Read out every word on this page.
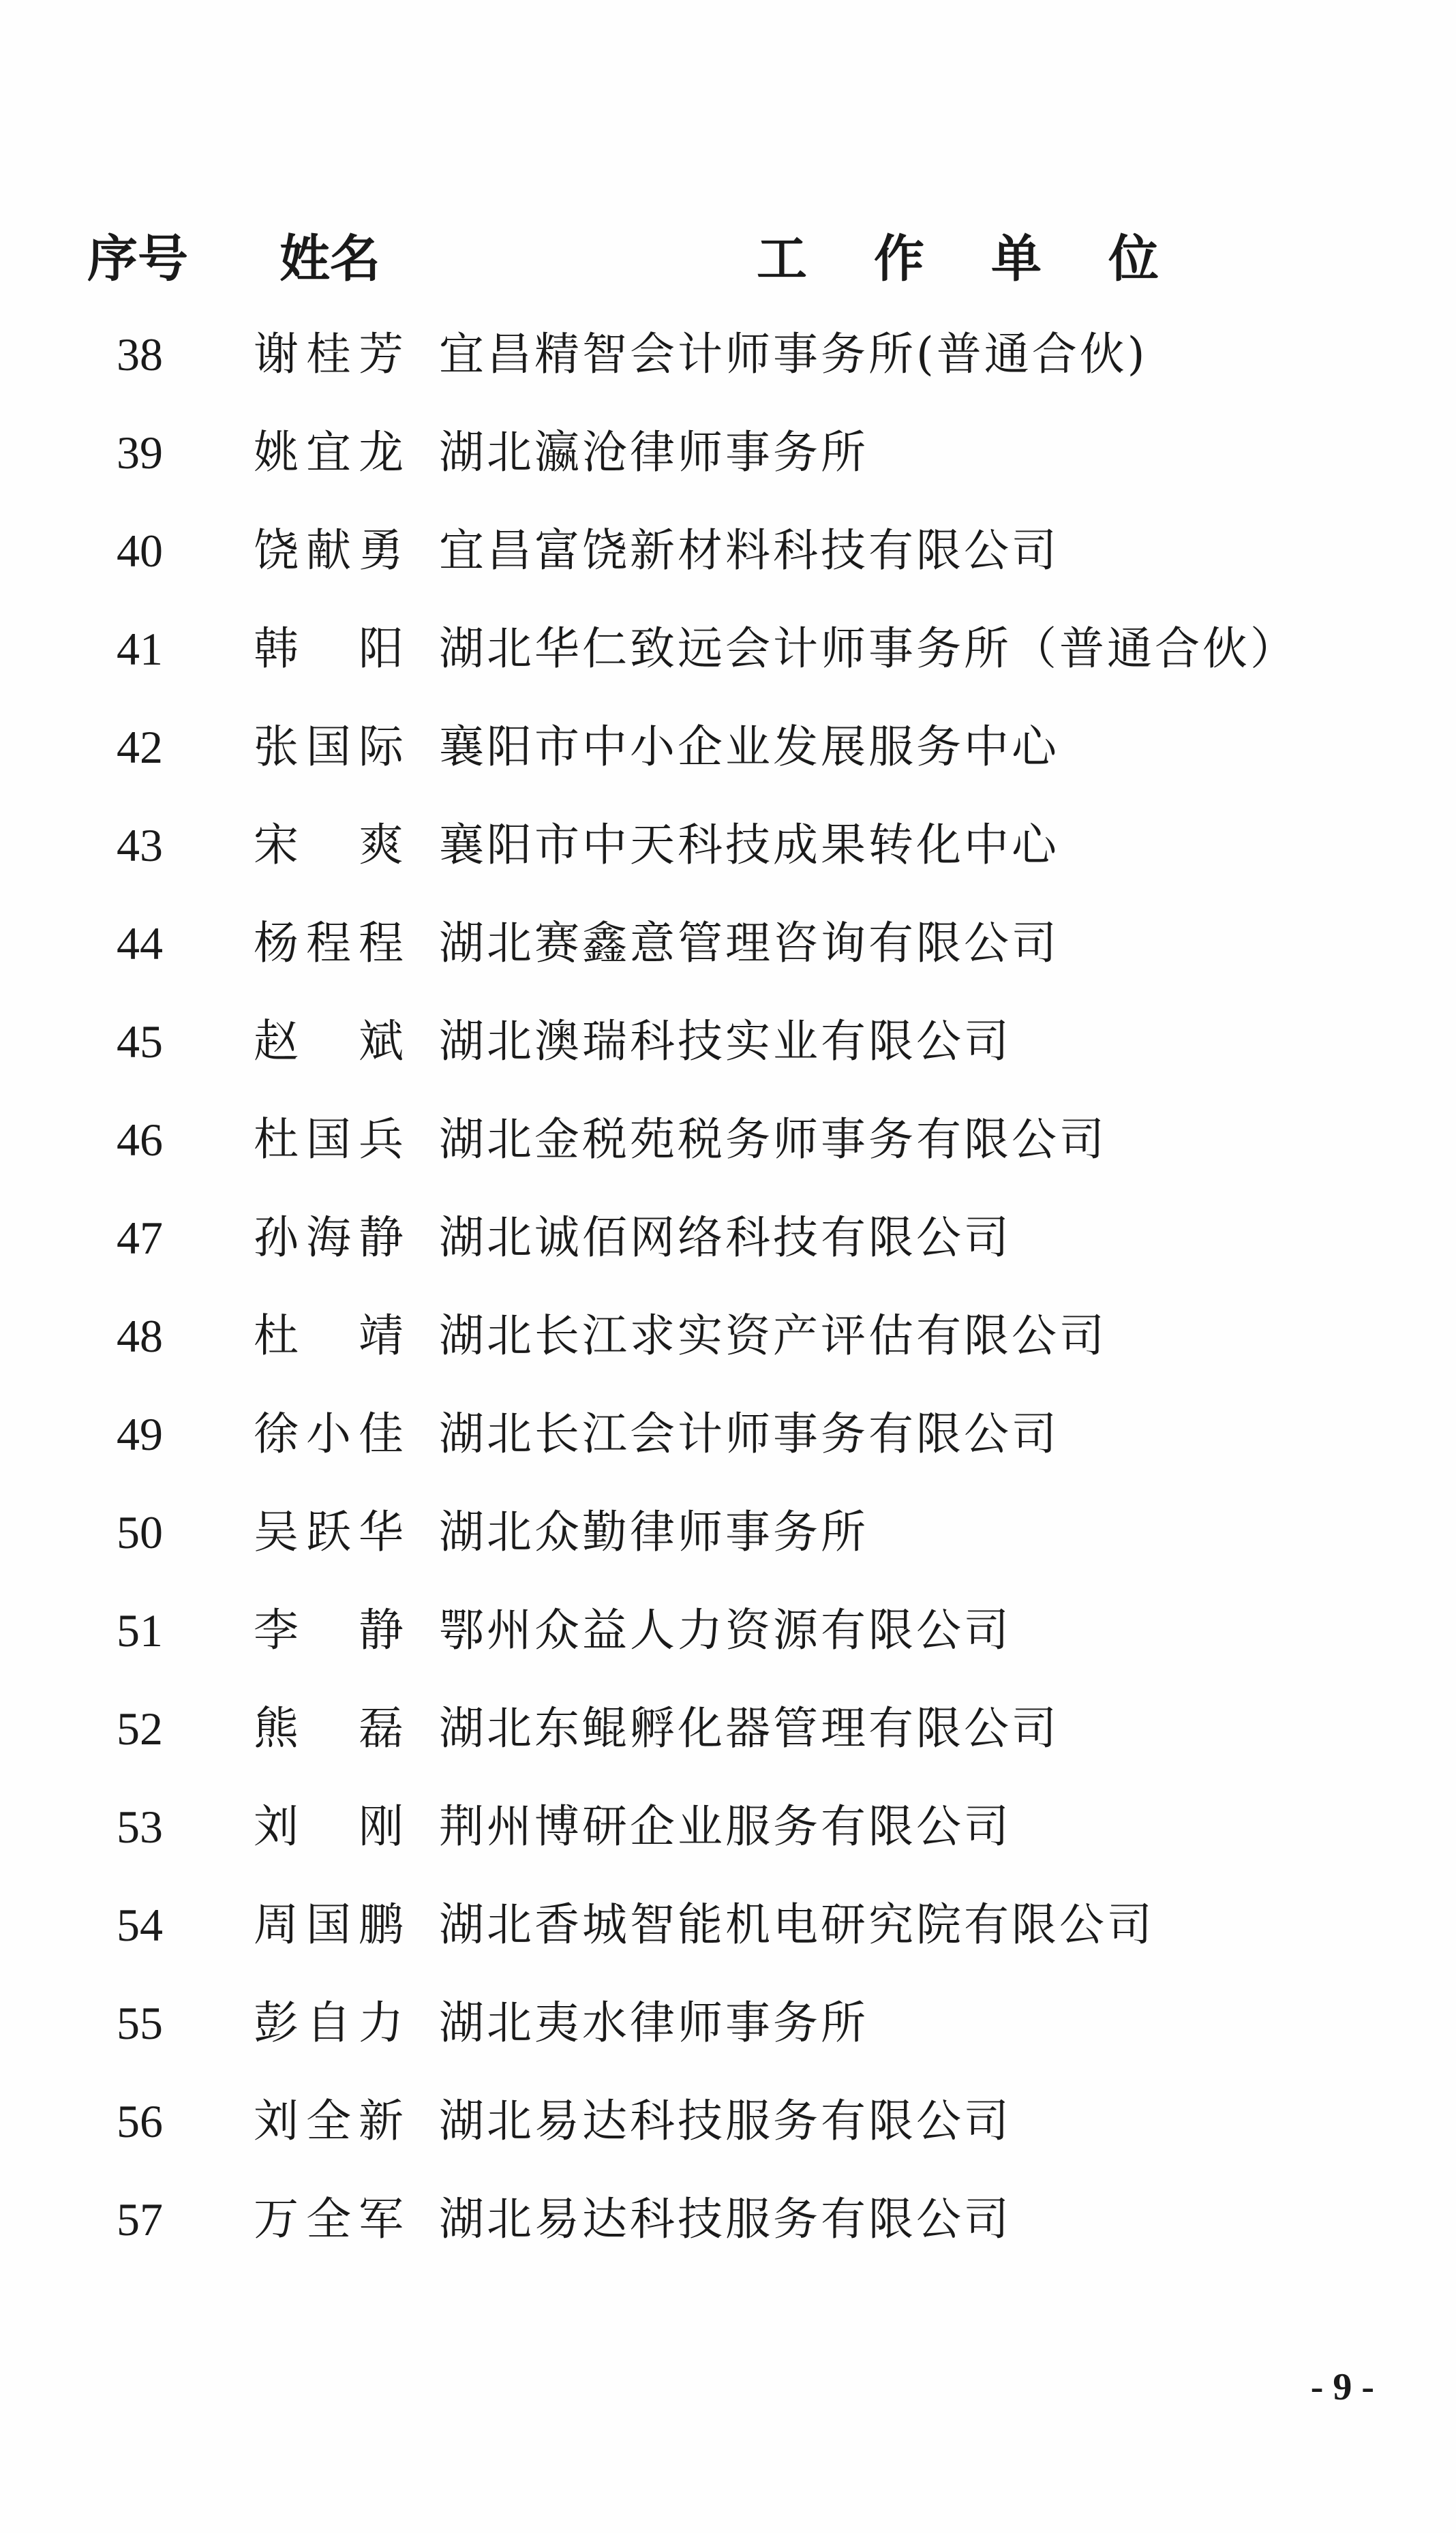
序号 姓名	工作单位
38	谢桂芳 宜昌精智会计师事务所(普通合伙)
39	姚宜龙 湖北瀛沧律师事务所
40	饶献勇 宜昌富饶新材料科技有限公司
41	韩　阳 湖北华仁致远会计师事务所（普通合伙）
42	张国际 襄阳市中小企业发展服务中心
43	宋　爽 襄阳市中天科技成果转化中心
44	杨程程 湖北赛鑫意管理咨询有限公司
45	赵　斌 湖北澳瑞科技实业有限公司
46	杜国兵 湖北金税苑税务师事务有限公司
47	孙海静 湖北诚佰网络科技有限公司
48	杜　靖 湖北长江求实资产评估有限公司
49	徐小佳 湖北长江会计师事务有限公司
50	吴跃华 湖北众勤律师事务所
51	李　静 鄂州众益人力资源有限公司
52	熊　磊 湖北东鲲孵化器管理有限公司
53	刘　刚 荆州博研企业服务有限公司
54	周国鹏 湖北香城智能机电研究院有限公司
55	彭自力 湖北夷水律师事务所
56	刘全新 湖北易达科技服务有限公司
57	万全军 湖北易达科技服务有限公司
- 9 -
